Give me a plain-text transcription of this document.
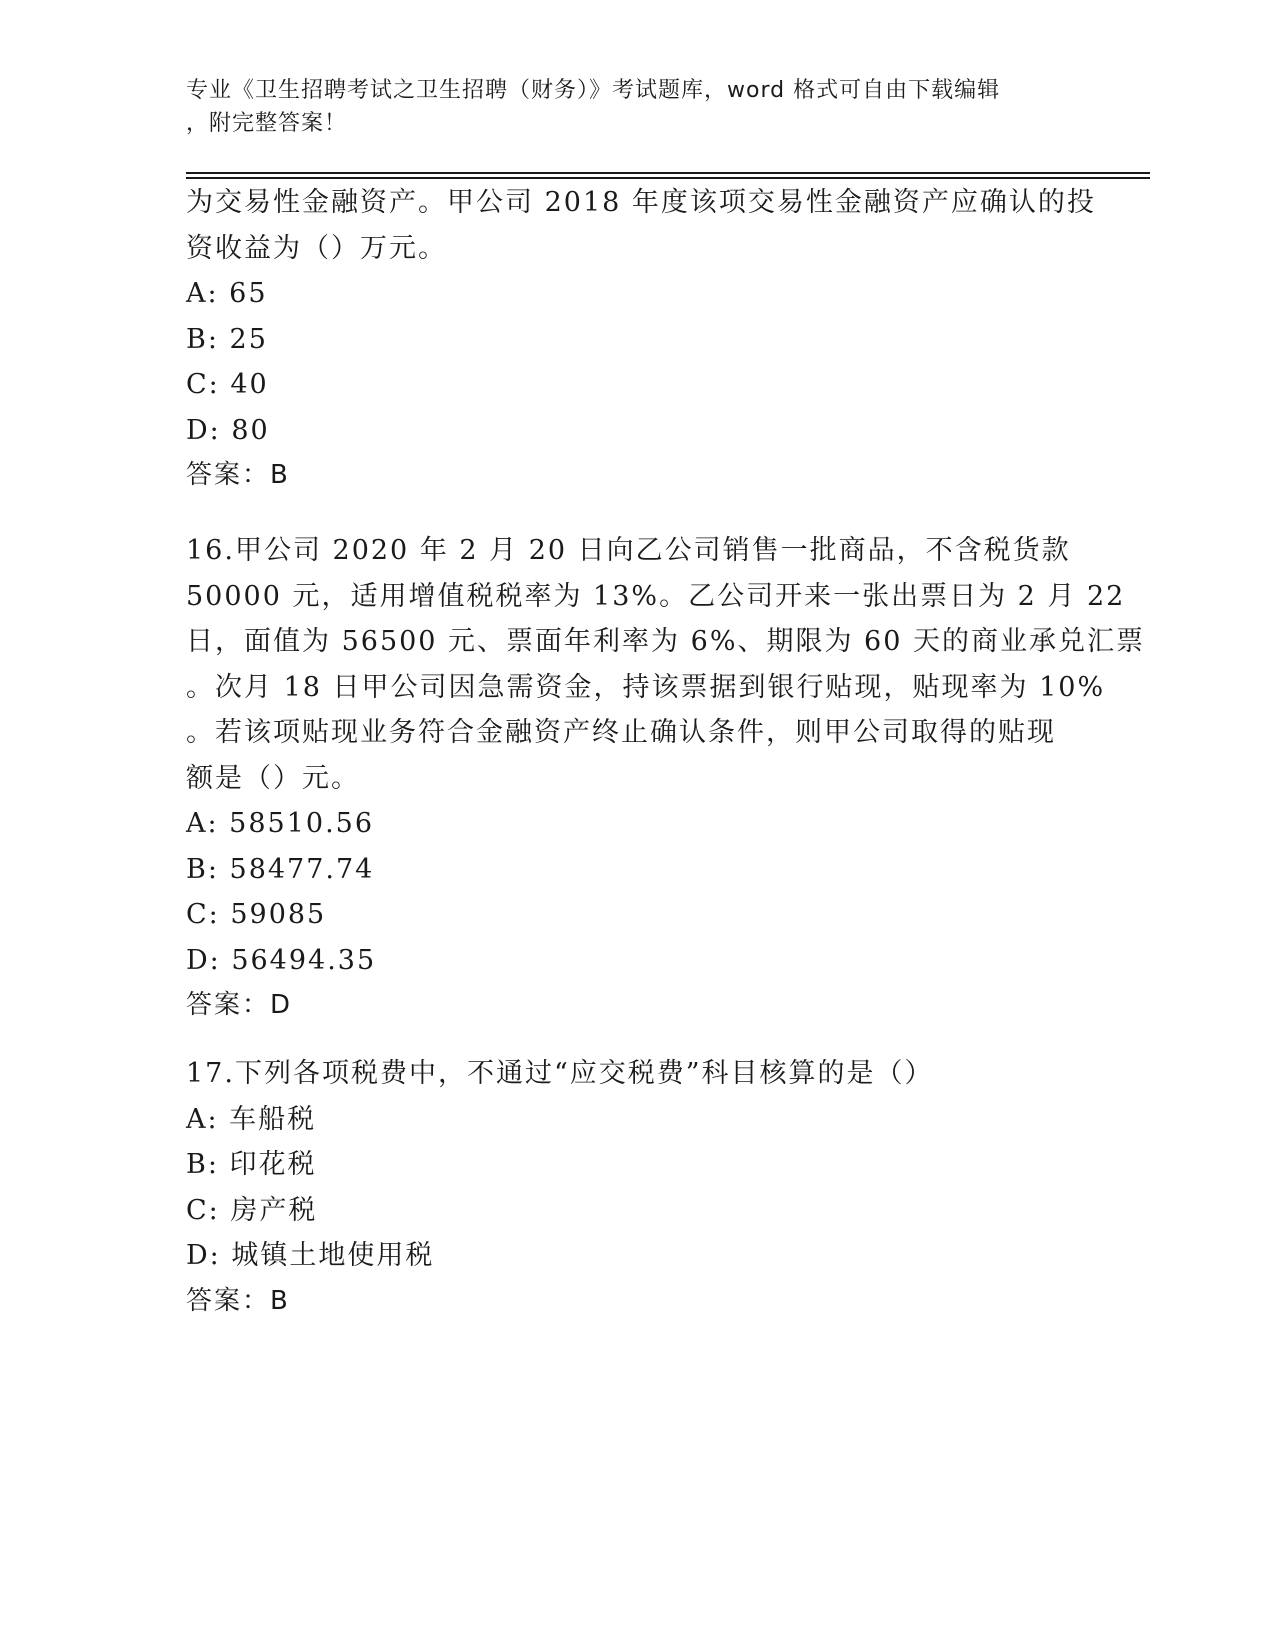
专业《卫生招聘考试之卫生招聘（财务）》考试题库，word 格式可自由下载编辑
，附完整答案！
为交易性金融资产。甲公司 2018 年度该项交易性金融资产应确认的投
资收益为（）万元。
A: 65
B: 25
C: 40
D: 80
答案：B
16.甲公司 2020 年 2 月 20 日向乙公司销售一批商品，不含税货款
50000 元，适用增值税税率为 13%。乙公司开来一张出票日为 2 月 22
日，面值为 56500 元、票面年利率为 6%、期限为 60 天的商业承兑汇票
。次月 18 日甲公司因急需资金，持该票据到银行贴现，贴现率为 10%
。若该项贴现业务符合金融资产终止确认条件，则甲公司取得的贴现
额是（）元。
A: 58510.56
B: 58477.74
C: 59085
D: 56494.35
答案：D
17.下列各项税费中，不通过“应交税费”科目核算的是（）
A: 车船税
B: 印花税
C: 房产税
D: 城镇土地使用税
答案：B
